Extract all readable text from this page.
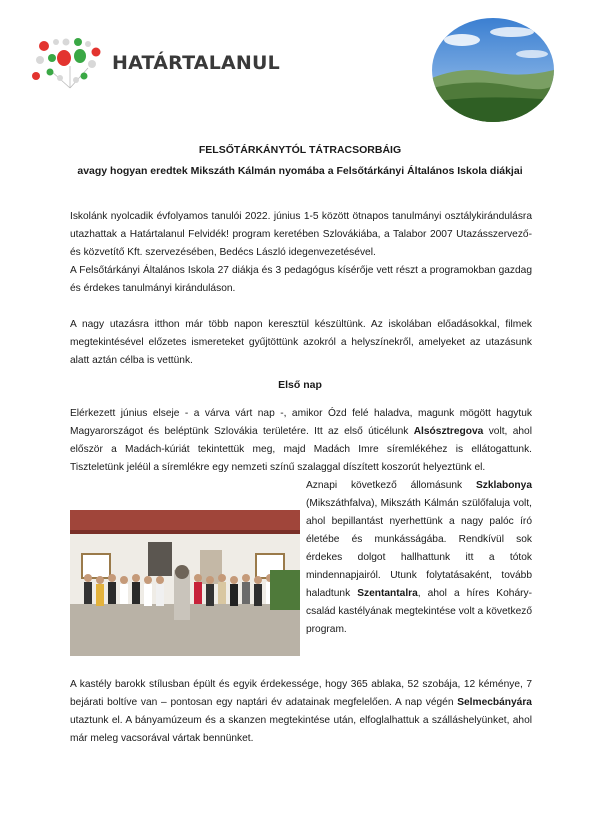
HATÁRTALANUL
FELSŐTÁRKÁNYTÓL TÁTRACSORBÁIG
avagy hogyan eredtek Mikszáth Kálmán nyomába a Felsőtárkányi Általános Iskola diákjai

Iskolánk nyolcadik évfolyamos tanulói 2022. június 1-5 között ötnapos tanulmányi osztálykirándulásra utazhattak a Határtalanul Felvidék! program keretében Szlovákiába, a Talabor 2007 Utazásszervező- és közvetítő Kft. szervezésében, Bedécs László idegenvezetésével.

A Felsőtárkányi Általános Iskola 27 diákja és 3 pedagógus kísérője vett részt a programokban gazdag és érdekes tanulmányi kiránduláson.

A nagy utazásra itthon már több napon keresztül készültünk. Az iskolában előadásokkal, filmek megtekintésével előzetes ismereteket gyűjtöttünk azokról a helyszínekről, amelyeket az utazásunk alatt aztán célba is vettünk.

Első nap

Elérkezett június elseje - a várva várt nap -, amikor Ózd felé haladva, magunk mögött hagytuk Magyarországot és beléptünk Szlovákia területére. Itt az első úticélunk Alsósztregova volt, ahol először a Madách-kúriát tekintettük meg, majd Madách Imre síremlékéhez is ellátogattunk. Tiszteletünk jeléül a síremlékre egy nemzeti színű szalaggal díszített koszorút helyeztünk el.

Aznapi következő állomásunk Szklabonya (Mikszáthfalva), Mikszáth Kálmán szülőfaluja volt, ahol bepillantást nyerhettünk a nagy palóc író életébe és munkásságába. Rendkívül sok érdekes dolgot hallhattunk itt a tótok mindennapjairól. Utunk folytatásaként, tovább haladtunk Szentantalra, ahol a híres Koháry-család kastélyának megtekintése volt a következő program.

A kastély barokk stílusban épült és egyik érdekessége, hogy 365 ablaka, 52 szobája, 12 kéménye, 7 bejárati boltíve van – pontosan egy naptári év adatainak megfelelően. A nap végén Selmecbányára utaztunk el. A bányamúzeum és a skanzen megtekintése után, elfoglalhattuk a szálláshelyünket, ahol már meleg vacsorával vártak bennünket.
